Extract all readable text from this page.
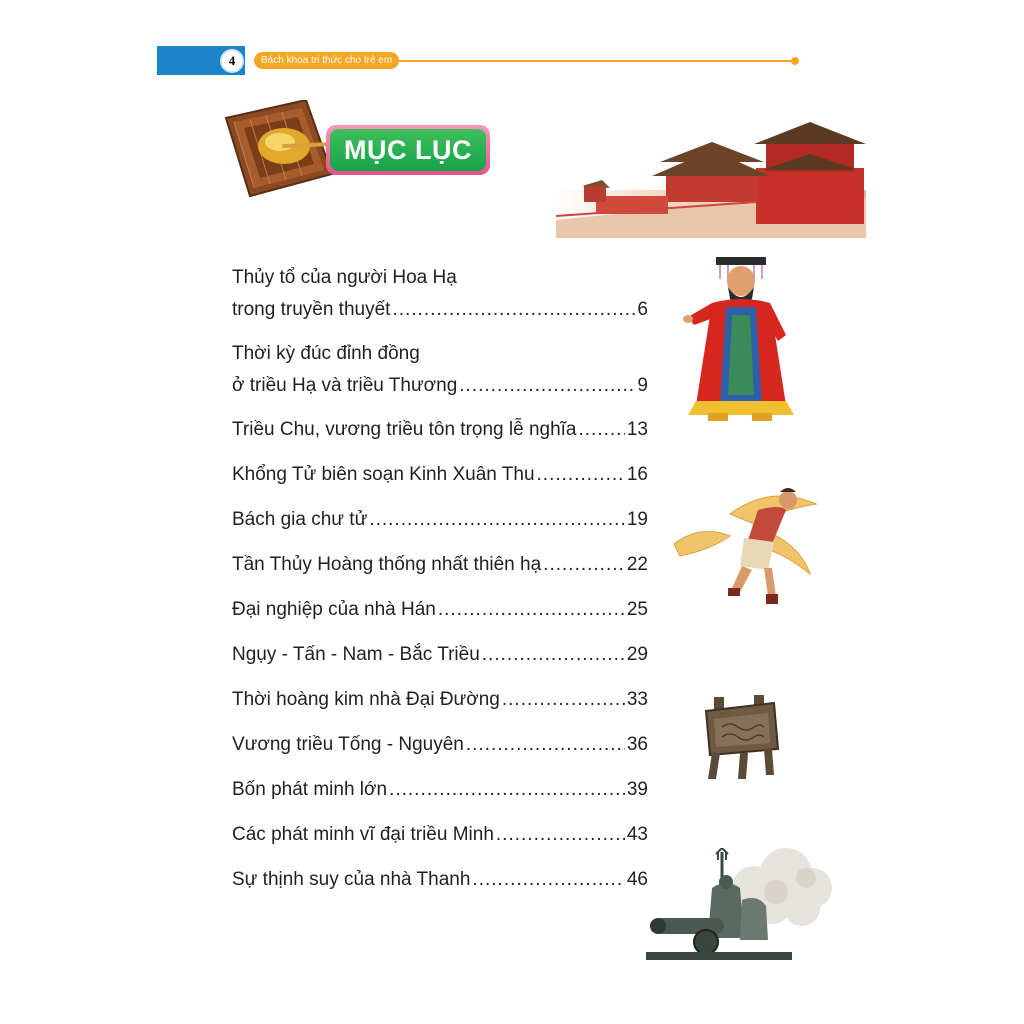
4	Bách khoa tri thức cho trẻ em
MỤC LỤC
Thủy tổ của người Hoa Hạ
trong truyền thuyết .....	6
Thời kỳ đúc đỉnh đồng
ở triều Hạ và triều Thương .....	9
Triều Chu, vương triều tôn trọng lễ nghĩa .....	13
Khổng Tử biên soạn Kinh Xuân Thu .....	16
Bách gia chư tử .....	19
Tần Thủy Hoàng thống nhất thiên hạ .....	22
Đại nghiệp của nhà Hán .....	25
Ngụy - Tấn - Nam - Bắc Triều .....	29
Thời hoàng kim nhà Đại Đường .....	33
Vương triều Tống - Nguyên .....	36
Bốn phát minh lớn .....	39
Các phát minh vĩ đại triều Minh .....	43
Sự thịnh suy của nhà Thanh .....	46
